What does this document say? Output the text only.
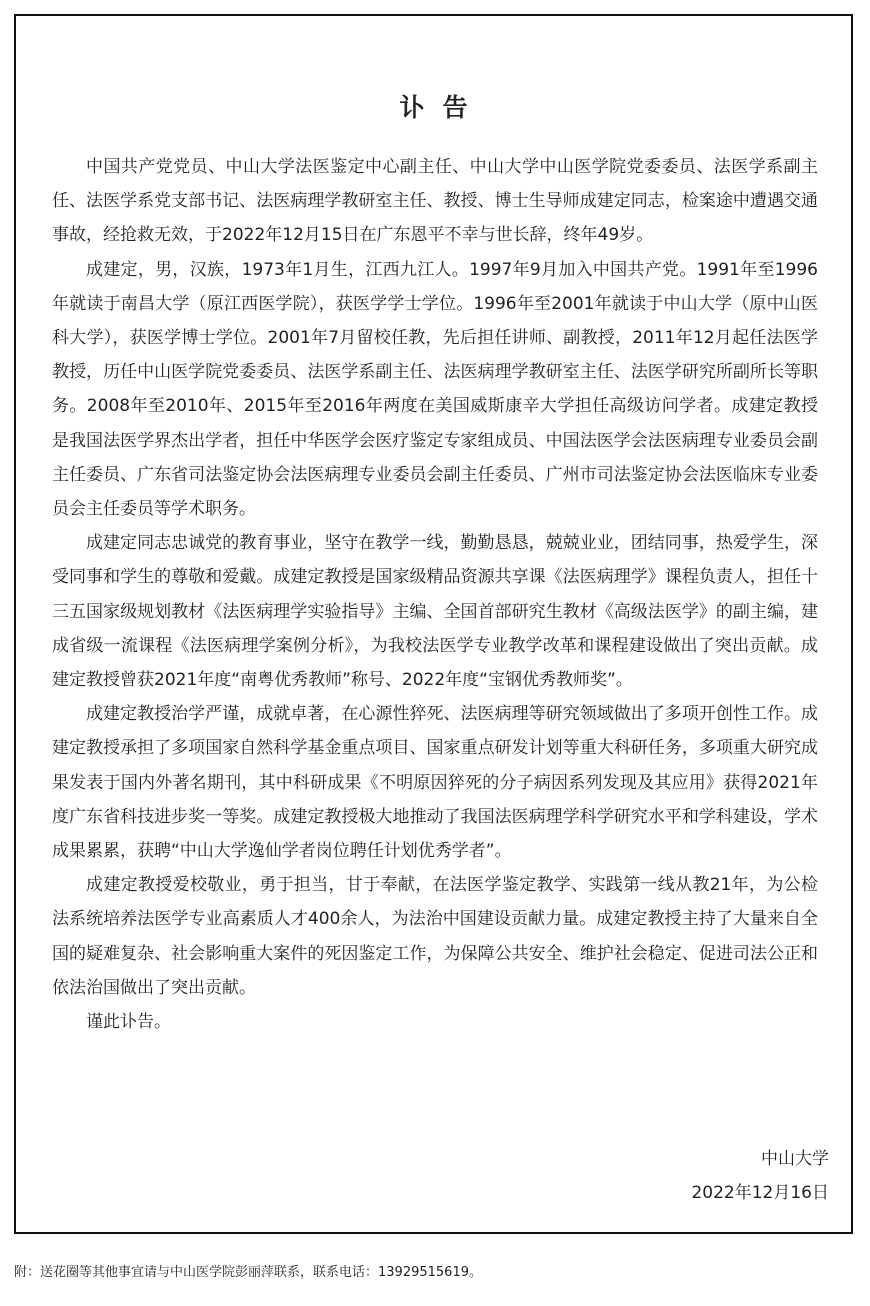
讣告

中国共产党党员、中山大学法医鉴定中心副主任、中山大学中山医学院党委委员、法医学系副主任、法医学系党支部书记、法医病理学教研室主任、教授、博士生导师成建定同志，检案途中遭遇交通事故，经抢救无效，于2022年12月15日在广东恩平不幸与世长辞，终年49岁。

成建定，男，汉族，1973年1月生，江西九江人。1997年9月加入中国共产党。1991年至1996年就读于南昌大学（原江西医学院），获医学学士学位。1996年至2001年就读于中山大学（原中山医科大学），获医学博士学位。2001年7月留校任教，先后担任讲师、副教授，2011年12月起任法医学教授，历任中山医学院党委委员、法医学系副主任、法医病理学教研室主任、法医学研究所副所长等职务。2008年至2010年、2015年至2016年两度在美国威斯康辛大学担任高级访问学者。成建定教授是我国法医学界杰出学者，担任中华医学会医疗鉴定专家组成员、中国法医学会法医病理专业委员会副主任委员、广东省司法鉴定协会法医病理专业委员会副主任委员、广州市司法鉴定协会法医临床专业委员会主任委员等学术职务。

成建定同志忠诚党的教育事业，坚守在教学一线，勤勤恳恳，兢兢业业，团结同事，热爱学生，深受同事和学生的尊敬和爱戴。成建定教授是国家级精品资源共享课《法医病理学》课程负责人，担任十三五国家级规划教材《法医病理学实验指导》主编、全国首部研究生教材《高级法医学》的副主编，建成省级一流课程《法医病理学案例分析》，为我校法医学专业教学改革和课程建设做出了突出贡献。成建定教授曾获2021年度“南粤优秀教师”称号、2022年度“宝钢优秀教师奖”。

成建定教授治学严谨，成就卓著，在心源性猝死、法医病理等研究领域做出了多项开创性工作。成建定教授承担了多项国家自然科学基金重点项目、国家重点研发计划等重大科研任务，多项重大研究成果发表于国内外著名期刊，其中科研成果《不明原因猝死的分子病因系列发现及其应用》获得2021年度广东省科技进步奖一等奖。成建定教授极大地推动了我国法医病理学科学研究水平和学科建设，学术成果累累，获聘“中山大学逸仙学者岗位聘任计划优秀学者”。

成建定教授爱校敬业，勇于担当，甘于奉献，在法医学鉴定教学、实践第一线从教21年，为公检法系统培养法医学专业高素质人才400余人，为法治中国建设贡献力量。成建定教授主持了大量来自全国的疑难复杂、社会影响重大案件的死因鉴定工作，为保障公共安全、维护社会稳定、促进司法公正和依法治国做出了突出贡献。

谨此讣告。

中山大学
2022年12月16日
附：送花圈等其他事宜请与中山医学院彭丽萍联系，联系电话：13929515619。
